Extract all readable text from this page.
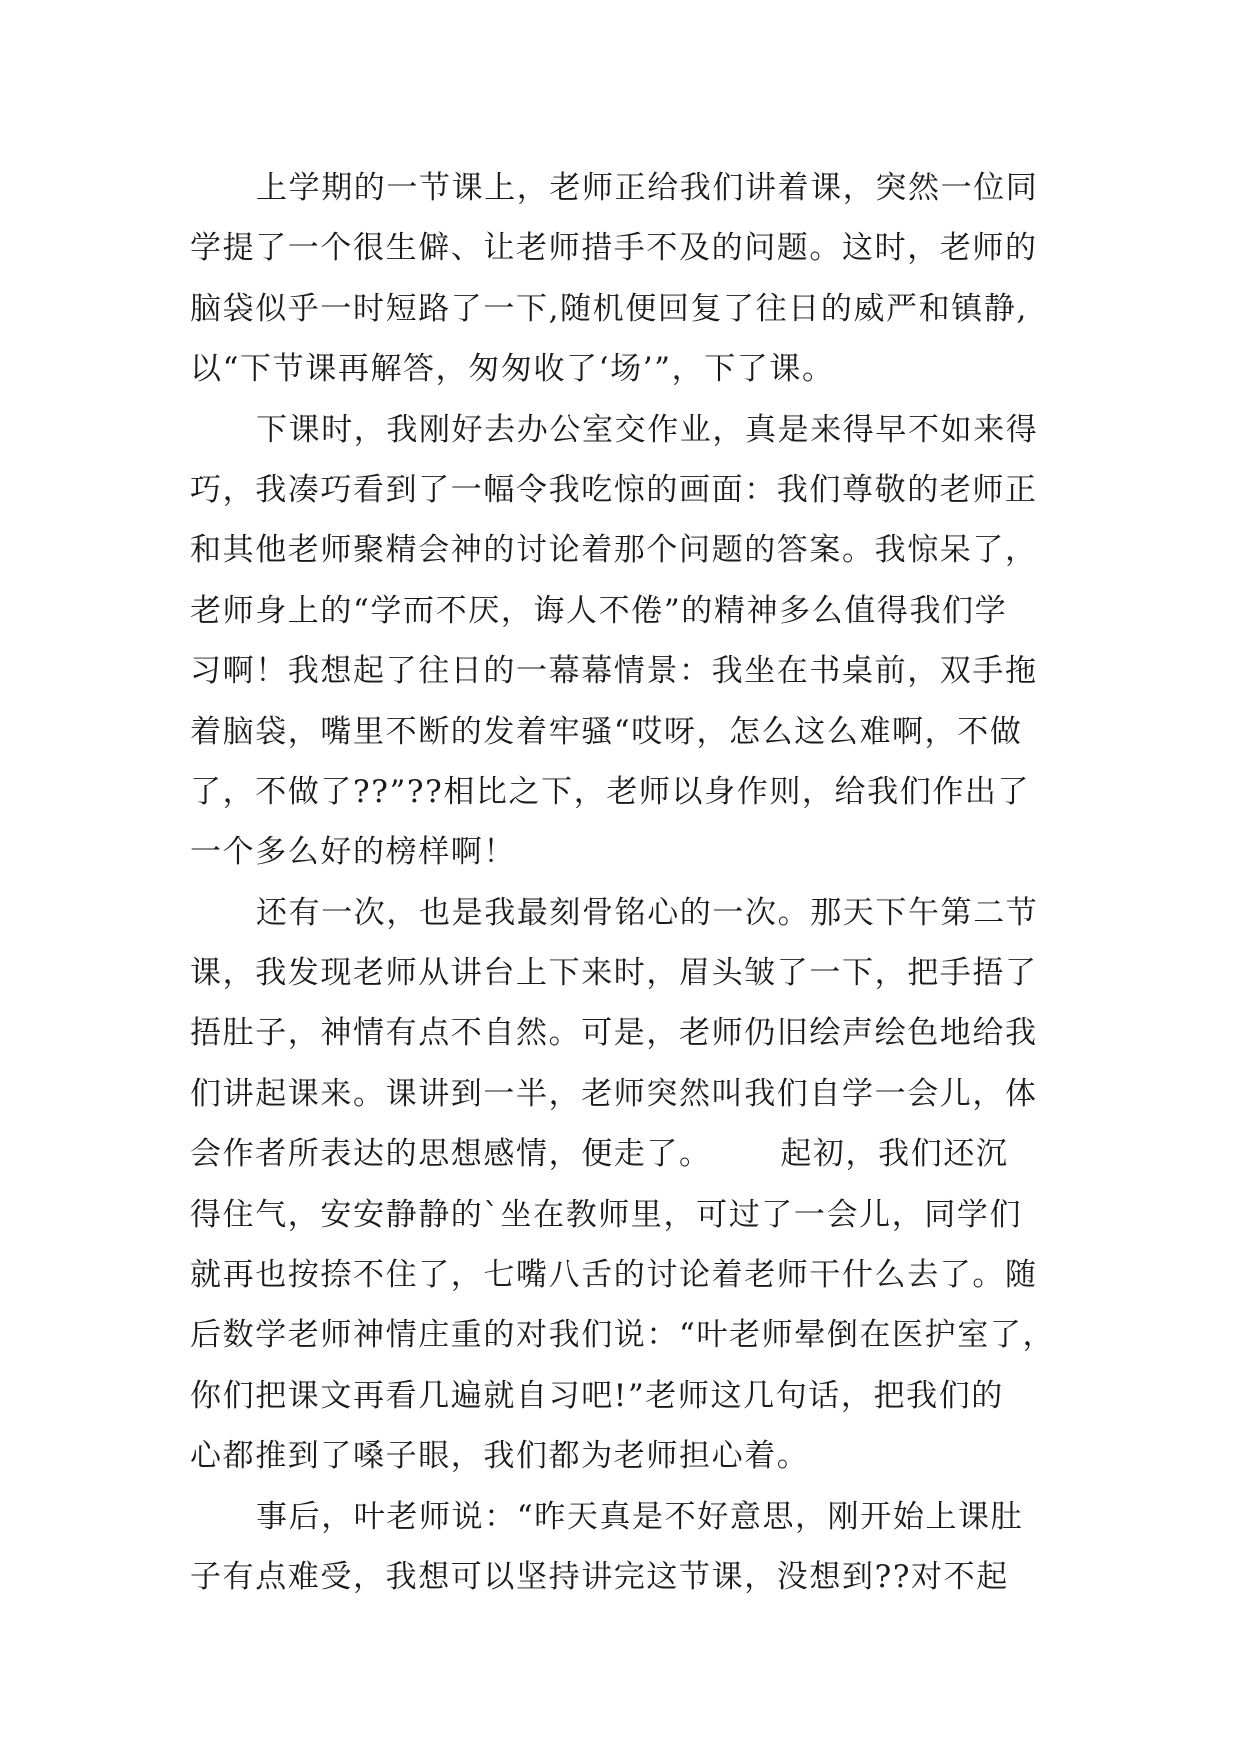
上学期的一节课上，老师正给我们讲着课，突然一位同
学提了一个很生僻、让老师措手不及的问题。这时，老师的
脑袋似乎一时短路了一下,随机便回复了往日的威严和镇静,
以“下节课再解答，匆匆收了‘场’”，下了课。
下课时，我刚好去办公室交作业，真是来得早不如来得
巧，我凑巧看到了一幅令我吃惊的画面：我们尊敬的老师正
和其他老师聚精会神的讨论着那个问题的答案。我惊呆了，
老师身上的“学而不厌，诲人不倦”的精神多么值得我们学
习啊！我想起了往日的一幕幕情景：我坐在书桌前，双手拖
着脑袋，嘴里不断的发着牢骚“哎呀，怎么这么难啊，不做
了，不做了??”??相比之下，老师以身作则，给我们作出了
一个多么好的榜样啊！
还有一次，也是我最刻骨铭心的一次。那天下午第二节
课，我发现老师从讲台上下来时，眉头皱了一下，把手捂了
捂肚子，神情有点不自然。可是，老师仍旧绘声绘色地给我
们讲起课来。课讲到一半，老师突然叫我们自学一会儿，体
会作者所表达的思想感情，便走了。      起初，我们还沉
得住气，安安静静的`坐在教师里，可过了一会儿，同学们
就再也按捺不住了，七嘴八舌的讨论着老师干什么去了。随
后数学老师神情庄重的对我们说：“叶老师晕倒在医护室了，
你们把课文再看几遍就自习吧!”老师这几句话，把我们的
心都推到了嗓子眼，我们都为老师担心着。
事后，叶老师说：“昨天真是不好意思，刚开始上课肚
子有点难受，我想可以坚持讲完这节课，没想到??对不起
